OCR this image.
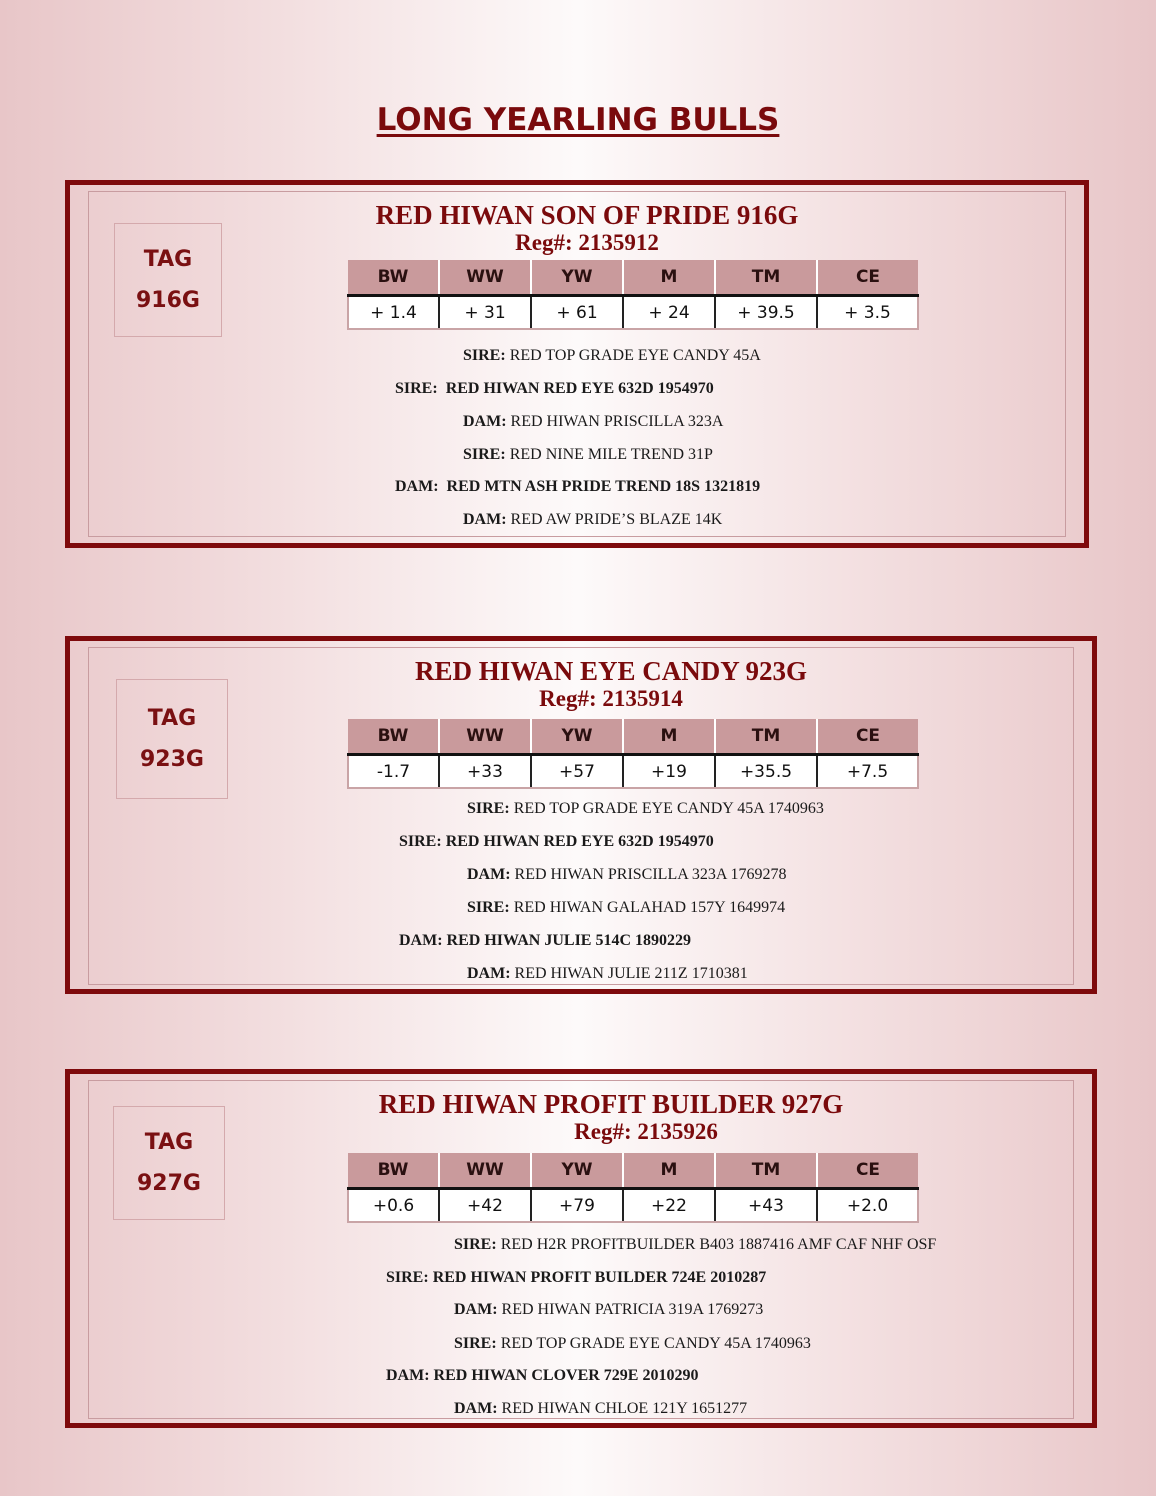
LONG YEARLING BULLS
TAG
916G
RED HIWAN SON OF PRIDE 916G
Reg#: 2135912
BW	WW	YW	M	TM	CE
+ 1.4	+ 31	+ 61	+ 24	+ 39.5	+ 3.5
SIRE: RED TOP GRADE EYE CANDY 45A
SIRE: RED HIWAN RED EYE 632D 1954970
DAM: RED HIWAN PRISCILLA 323A
SIRE: RED NINE MILE TREND 31P
DAM: RED MTN ASH PRIDE TREND 18S 1321819
DAM: RED AW PRIDE’S BLAZE 14K
TAG
923G
RED HIWAN EYE CANDY 923G
Reg#: 2135914
BW	WW	YW	M	TM	CE
-1.7	+33	+57	+19	+35.5	+7.5
SIRE: RED TOP GRADE EYE CANDY 45A 1740963
SIRE: RED HIWAN RED EYE 632D 1954970
DAM: RED HIWAN PRISCILLA 323A 1769278
SIRE: RED HIWAN GALAHAD 157Y 1649974
DAM: RED HIWAN JULIE 514C 1890229
DAM: RED HIWAN JULIE 211Z 1710381
TAG
927G
RED HIWAN PROFIT BUILDER 927G
Reg#: 2135926
BW	WW	YW	M	TM	CE
+0.6	+42	+79	+22	+43	+2.0
SIRE: RED H2R PROFITBUILDER B403 1887416 AMF CAF NHF OSF
SIRE: RED HIWAN PROFIT BUILDER 724E 2010287
DAM: RED HIWAN PATRICIA 319A 1769273
SIRE: RED TOP GRADE EYE CANDY 45A 1740963
DAM: RED HIWAN CLOVER 729E 2010290
DAM: RED HIWAN CHLOE 121Y 1651277
